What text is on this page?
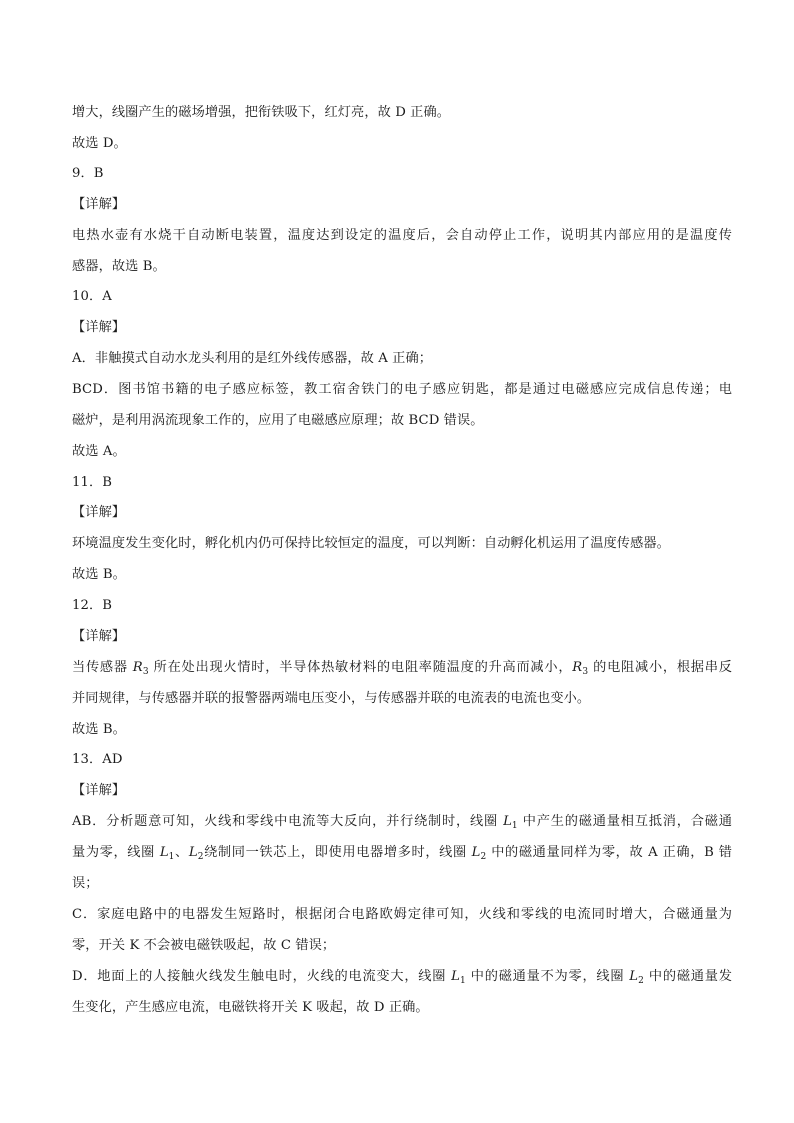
增大，线圈产生的磁场增强，把衔铁吸下，红灯亮，故 D 正确。
故选 D。
9．B
【详解】
电热水壶有水烧干自动断电装置，温度达到设定的温度后，会自动停止工作，说明其内部应用的是温度传
感器，故选 B。
10．A
【详解】
A．非触摸式自动水龙头利用的是红外线传感器，故 A 正确；
BCD．图书馆书籍的电子感应标签，教工宿舍铁门的电子感应钥匙，都是通过电磁感应完成信息传递；电
磁炉，是利用涡流现象工作的，应用了电磁感应原理；故 BCD 错误。
故选 A。
11．B
【详解】
环境温度发生变化时，孵化机内仍可保持比较恒定的温度，可以判断：自动孵化机运用了温度传感器。
故选 B。
12．B
【详解】
当传感器 $R_3$ 所在处出现火情时，半导体热敏材料的电阻率随温度的升高而减小，$R_3$ 的电阻减小，根据串反
并同规律，与传感器并联的报警器两端电压变小，与传感器并联的电流表的电流也变小。
故选 B。
13．AD
【详解】
AB．分析题意可知，火线和零线中电流等大反向，并行绕制时，线圈 $L_1$ 中产生的磁通量相互抵消，合磁通
量为零，线圈 $L_1$、$L_2$绕制同一铁芯上，即使用电器增多时，线圈 $L_2$ 中的磁通量同样为零，故 A 正确，B 错
误；
C．家庭电路中的电器发生短路时，根据闭合电路欧姆定律可知，火线和零线的电流同时增大，合磁通量为
零，开关 K 不会被电磁铁吸起，故 C 错误；
D．地面上的人接触火线发生触电时，火线的电流变大，线圈 $L_1$ 中的磁通量不为零，线圈 $L_2$ 中的磁通量发
生变化，产生感应电流，电磁铁将开关 K 吸起，故 D 正确。
